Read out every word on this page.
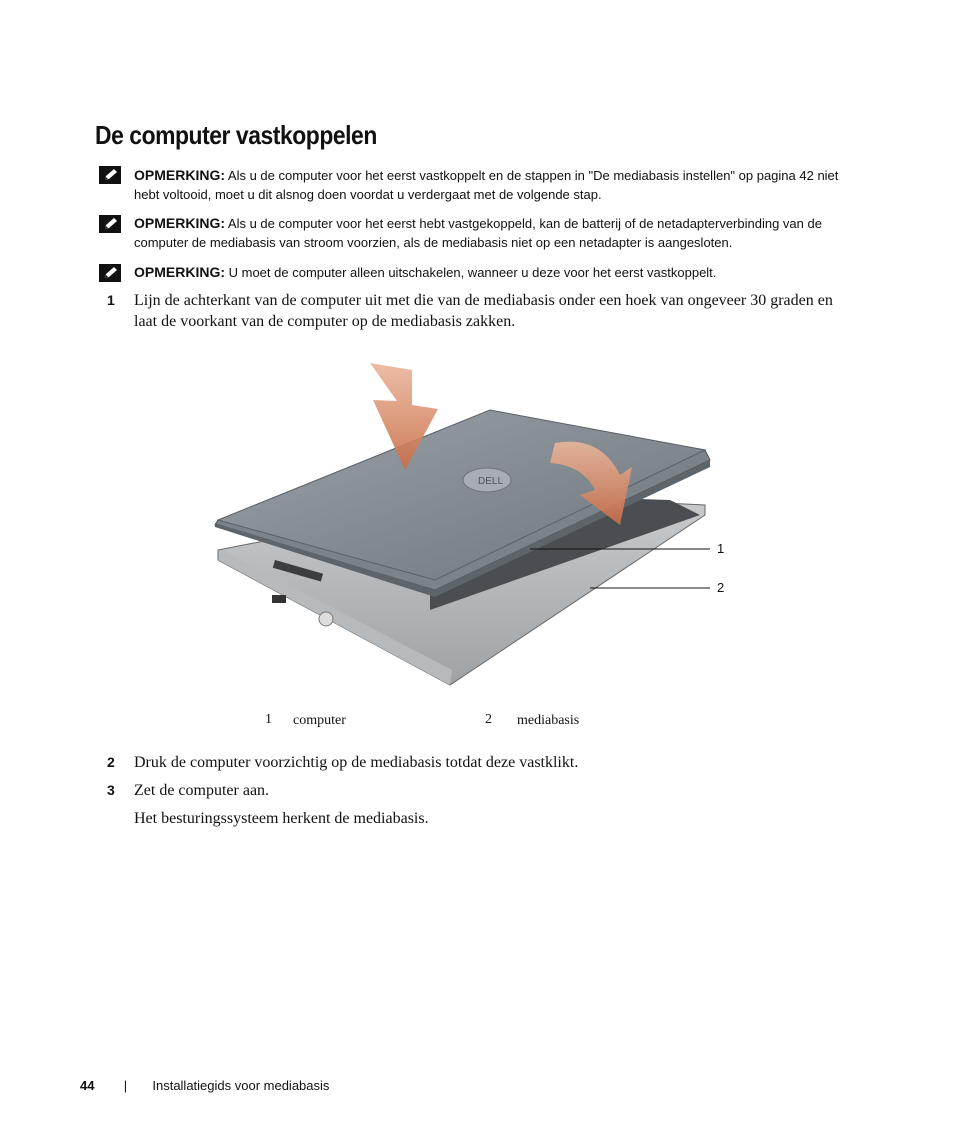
De computer vastkoppelen
OPMERKING: Als u de computer voor het eerst vastkoppelt en de stappen in "De mediabasis instellen" op pagina 42 niet hebt voltooid, moet u dit alsnog doen voordat u verdergaat met de volgende stap.
OPMERKING: Als u de computer voor het eerst hebt vastgekoppeld, kan de batterij of de netadapterverbinding van de computer de mediabasis van stroom voorzien, als de mediabasis niet op een netadapter is aangesloten.
OPMERKING: U moet de computer alleen uitschakelen, wanneer u deze voor het eerst vastkoppelt.
1 Lijn de achterkant van de computer uit met die van de mediabasis onder een hoek van ongeveer 30 graden en laat de voorkant van de computer op de mediabasis zakken.
DELL
1
2
1 computer	2 mediabasis
2 Druk de computer voorzichtig op de mediabasis totdat deze vastklikt.
3 Zet de computer aan.
Het besturingssysteem herkent de mediabasis.
44 | Installatiegids voor mediabasis
